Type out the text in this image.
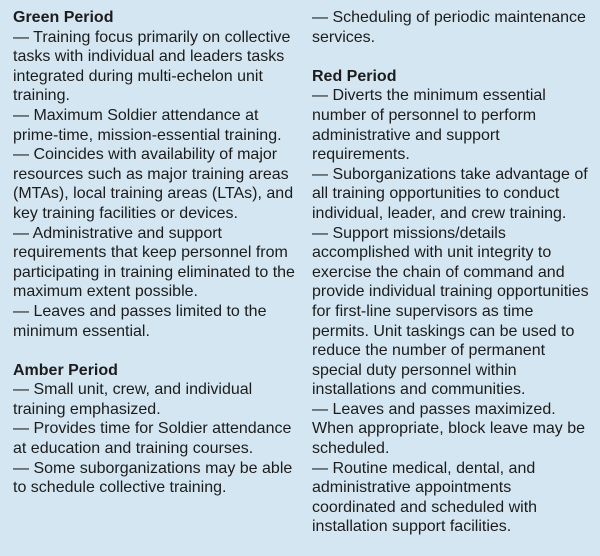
Green Period

— Training focus primarily on collective tasks with individual and leaders tasks integrated during multi-echelon unit training.

— Maximum Soldier attendance at prime-time, mission-essential training.

— Coincides with availability of major resources such as major training areas (MTAs), local training areas (LTAs), and key training facilities or devices.

— Administrative and support requirements that keep personnel from participating in training eliminated to the maximum extent possible.

— Leaves and passes limited to the minimum essential.

Amber Period

— Small unit, crew, and individual training emphasized.

— Provides time for Soldier attendance at education and training courses.

— Some suborganizations may be able to schedule collective training.

— Scheduling of periodic maintenance services.

Red Period

— Diverts the minimum essential number of personnel to perform administrative and support requirements.

— Suborganizations take advantage of all training opportunities to conduct individual, leader, and crew training.

— Support missions/details accomplished with unit integrity to exercise the chain of command and provide individual training opportunities for first-line supervisors as time permits. Unit taskings can be used to reduce the number of permanent special duty personnel within installations and communities.

— Leaves and passes maximized. When appropriate, block leave may be scheduled.

— Routine medical, dental, and administrative appointments coordinated and scheduled with installation support facilities.
